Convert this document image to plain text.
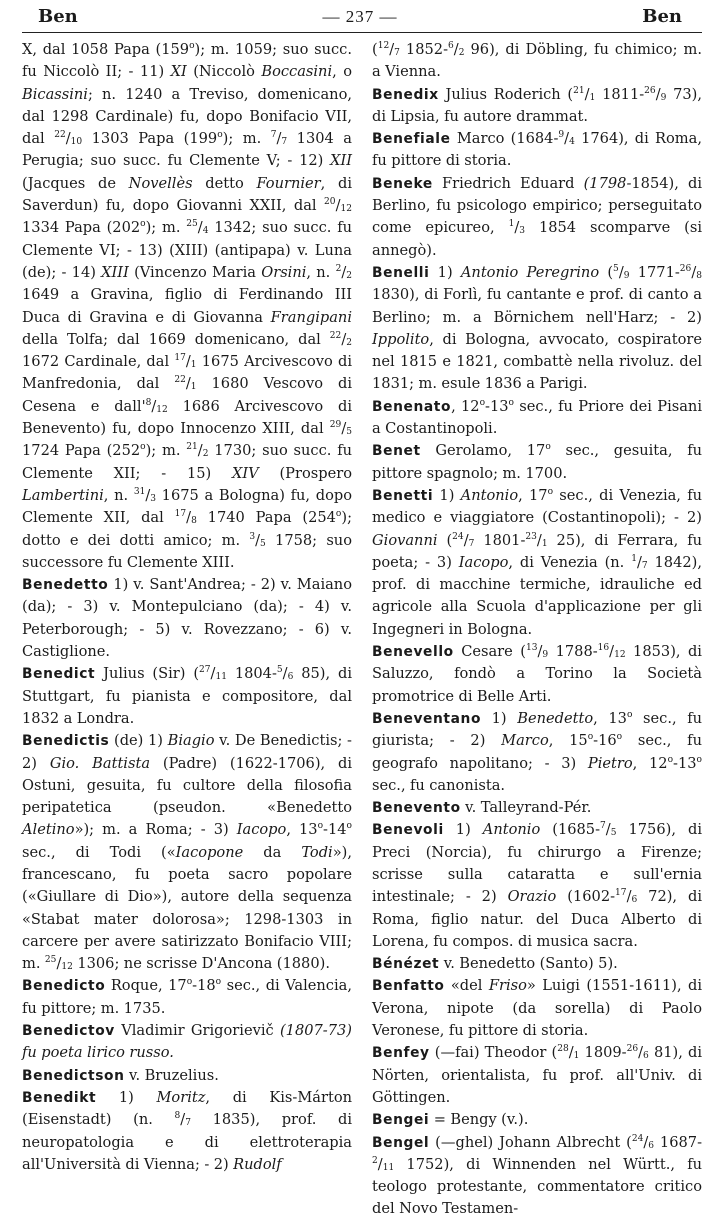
Ben	— 237 —	Ben

X, dal 1058 Papa (159$^o$); m. 1059; suo succ. fu Niccolò II; - 11) XI (Niccolò Boccasini, o Bicassini; n. 1240 a Treviso, domenicano, dal 1298 Cardinale) fu, dopo Bonifacio VII, dal $^{22}/_{10}$ 1303 Papa (199$^o$); m. $^7/_7$ 1304 a Perugia; suo succ. fu Clemente V; - 12) XII (Jacques de Novellès detto Fournier, di Saverdun) fu, dopo Giovanni XXII, dal $^{20}/_{12}$ 1334 Papa (202$^o$); m. $^{25}/_4$ 1342; suo succ. fu Clemente VI; - 13) (XIII) (antipapa) v. Luna (de); - 14) XIII (Vincenzo Maria Orsini, n. $^2/_2$ 1649 a Gravina, figlio di Ferdinando III Duca di Gravina e di Giovanna Frangipani della Tolfa; dal 1669 domenicano, dal $^{22}/_2$ 1672 Cardinale, dal $^{17}/_1$ 1675 Arcivescovo di Manfredonia, dal $^{22}/_1$ 1680 Vescovo di Cesena e $dall'^8/_{12}$ 1686 Arcivescovo di Benevento) fu, dopo Innocenzo XIII, dal $^{29}/_5$ 1724 Papa (252$^o$); m. $^{21}/_2$ 1730; suo succ. fu Clemente XII; - 15) XIV (Prospero Lambertini, n. $^{31}/_3$ 1675 a Bologna) fu, dopo Clemente XII, dal $^{17}/_8$ 1740 Papa (254$^o$); dotto e dei dotti amico; m. $^3/_5$ 1758; suo successore fu Clemente XIII.

Benedetto 1) v. Sant'Andrea; - 2) v. Maiano (da); - 3) v. Montepulciano (da); - 4) v. Peterborough; - 5) v. Rovezzano; - 6) v. Castiglione.

Benedict Julius (Sir) ($^{27}/_{11}$ $1804-^5/_6$ 85), di Stuttgart, fu pianista e compositore, dal 1832 a Londra.

Benedictis (de) 1) Biagio v. De Benedictis; - 2) Gio. Battista (Padre) (1622-1706), di Ostuni, gesuita, fu cultore della filosofia peripatetica (pseudon. «Benedetto Aletino»); m. a Roma; - 3) Iacopo, 13$^o$-14$^o$ sec., di Todi («Iacopone da Todi»), francescano, fu poeta sacro popolare («Giullare di Dio»), autore della sequenza «Stabat mater dolorosa»; 1298-1303 in carcere per avere satirizzato Bonifacio VIII; m. $^{25}/_{12}$ 1306; ne scrisse D'Ancona (1880).

Benedicto Roque, 17$^o$-18$^o$ sec., di Valencia, fu pittore; m. 1735.

Benedictov Vladimir Grigorievič (1807-73) fu poeta lirico russo.

Benedictson v. Bruzelius.

Benedikt 1) Moritz, di Kis-Márton (Eisenstadt) (n. $^8/_7$ 1835), prof. di neuropatologia e di elettroterapia all'Università di Vienna; - 2) Rudolf

($^{12}/_7$ $1852-^6/_2$ 96), di Döbling, fu chimico; m. a Vienna.

Benedix Julius Roderich ($^{21}/_1$ $1811-^{26}/_9$ 73), di Lipsia, fu autore drammat.

Benefiale Marco ($1684-^9/_4$ 1764), di Roma, fu pittore di storia.

Beneke Friedrich Eduard (1798-1854), di Berlino, fu psicologo empirico; perseguitato come epicureo, $^1/_3$ 1854 scomparve (si annegò).

Benelli 1) Antonio Peregrino ($^5/_9$ $1771-^{26}/_8$ 1830), di Forlì, fu cantante e prof. di canto a Berlino; m. a Börnichem nell'Harz; - 2) Ippolito, di Bologna, avvocato, cospiratore nel 1815 e 1821, combattè nella rivoluz. del 1831; m. esule 1836 a Parigi.

Benenato, 12$^o$-13$^o$ sec., fu Priore dei Pisani a Costantinopoli.

Benet Gerolamo, 17$^o$ sec., gesuita, fu pittore spagnolo; m. 1700.

Benetti 1) Antonio, 17$^o$ sec., di Venezia, fu medico e viaggiatore (Costantinopoli); - 2) Giovanni ($^{24}/_7$ $1801-^{23}/_1$ 25), di Ferrara, fu poeta; - 3) Iacopo, di Venezia (n. $^1/_7$ 1842), prof. di macchine termiche, idrauliche ed agricole alla Scuola d'applicazione per gli Ingegneri in Bologna.

Benevello Cesare ($^{13}/_9$ $1788-^{16}/_{12}$ 1853), di Saluzzo, fondò a Torino la Società promotrice di Belle Arti.

Beneventano 1) Benedetto, 13$^o$ sec., fu giurista; - 2) Marco, 15$^o$-16$^o$ sec., fu geografo napolitano; - 3) Pietro, 12$^o$-13$^o$ sec., fu canonista.

Benevento v. Talleyrand-Pér.

Benevoli 1) Antonio ($1685-^7/_5$ 1756), di Preci (Norcia), fu chirurgo a Firenze; scrisse sulla cataratta e sull'ernia intestinale; - 2) Orazio ($1602-^{17}/_6$ 72), di Roma, figlio natur. del Duca Alberto di Lorena, fu compos. di musica sacra.

Bénézet v. Benedetto (Santo) 5).

Benfatto «del Friso» Luigi (1551-1611), di Verona, nipote (da sorella) di Paolo Veronese, fu pittore di storia.

Benfey (—fai) Theodor ($^{28}/_1$ $1809-^{26}/_6$ 81), di Nörten, orientalista, fu prof. all'Univ. di Göttingen.

Bengei = Bengy (v.).

Bengel (—ghel) Johann Albrecht ($^{24}/_6$ $1687-^2/_{11}$ 1752), di Winnenden nel Württ., fu teologo protestante, commentatore critico del Novo Testamen-
